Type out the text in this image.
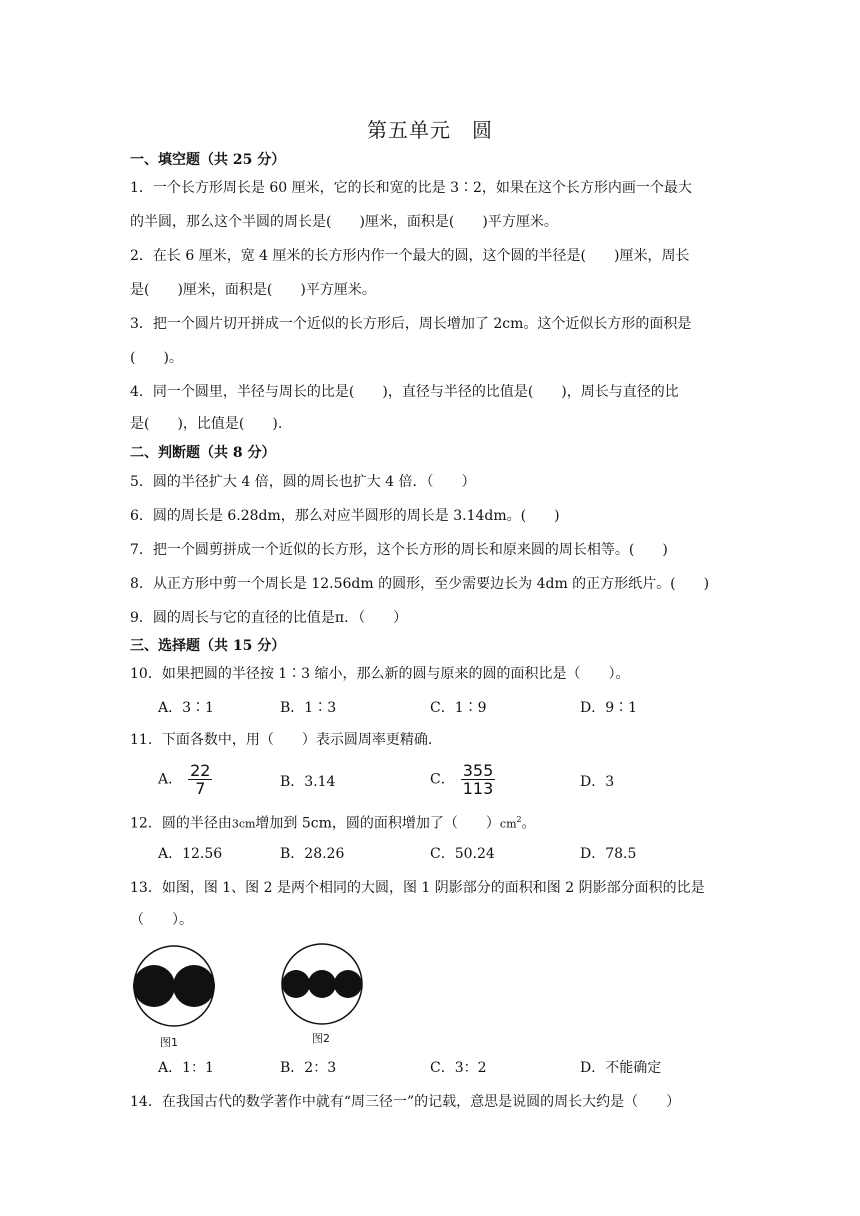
第五单元　圆
一、填空题（共 25 分）
1．一个长方形周长是 60 厘米，它的长和宽的比是 3∶2，如果在这个长方形内画一个最大
的半圆，那么这个半圆的周长是(　　)厘米，面积是(　　)平方厘米。
2．在长 6 厘米，宽 4 厘米的长方形内作一个最大的圆，这个圆的半径是(　　)厘米，周长
是(　　)厘米，面积是(　　)平方厘米。
3．把一个圆片切开拼成一个近似的长方形后，周长增加了 2cm。这个近似长方形的面积是
(　　)。
4．同一个圆里，半径与周长的比是(　　)，直径与半径的比值是(　　)，周长与直径的比
是(　　)，比值是(　　).
二、判断题（共 8 分）
5．圆的半径扩大 4 倍，圆的周长也扩大 4 倍．（　　）
6．圆的周长是 6.28dm，那么对应半圆形的周长是 3.14dm。(　　)
7．把一个圆剪拼成一个近似的长方形，这个长方形的周长和原来圆的周长相等。(　　)
8．从正方形中剪一个周长是 12.56dm 的圆形，至少需要边长为 4dm 的正方形纸片。(　　)
9．圆的周长与它的直径的比值是π．（　　）
三、选择题（共 15 分）
10．如果把圆的半径按 1∶3 缩小，那么新的圆与原来的圆的面积比是（　　）。
A．3∶1	B．1∶3	C．1∶9	D．9∶1
11．下面各数中，用（　　）表示圆周率更精确.
A． $\frac{22}{7}$	B．3.14	C． $\frac{355}{113}$	D．3
12．圆的半径由3cm增加到 5cm，圆的面积增加了（　　）$cm^2$。
A．12.56	B．28.26	C．50.24	D．78.5
13．如图，图 1、图 2 是两个相同的大圆，图 1 阴影部分的面积和图 2 阴影部分面积的比是
（　　）。
图1	图2
A．1：1	B．2：3	C．3：2	D．不能确定
14．在我国古代的数学著作中就有“周三径一”的记载，意思是说圆的周长大约是（　　）
